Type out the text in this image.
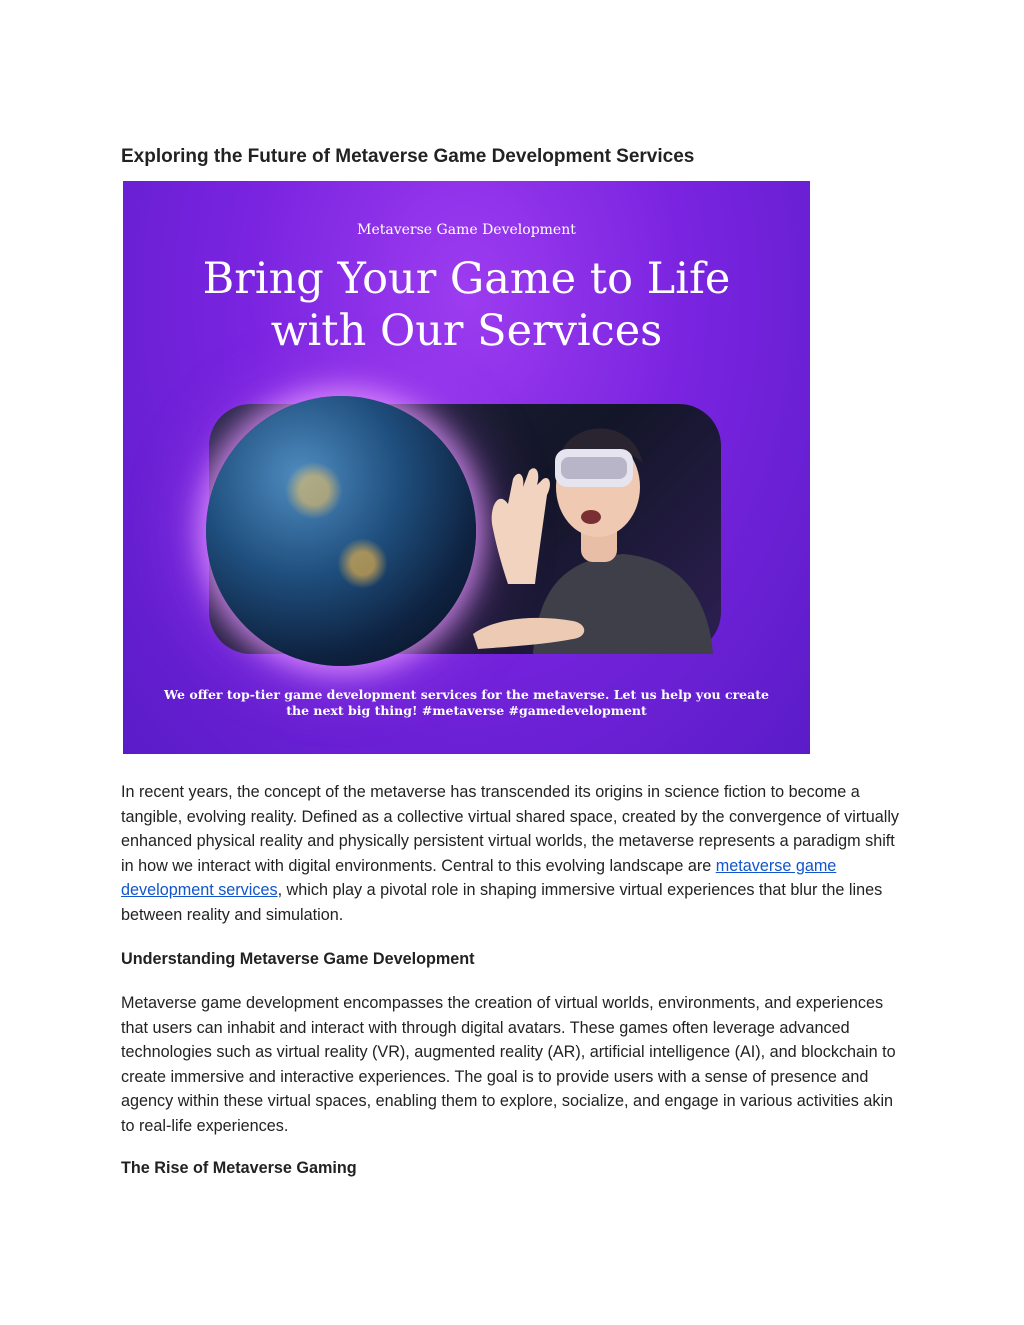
Exploring the Future of Metaverse Game Development Services
Metaverse Game Development
Bring Your Game to Life
with Our Services
We offer top-tier game development services for the metaverse. Let us help you create the next big thing! #metaverse #gamedevelopment

In recent years, the concept of the metaverse has transcended its origins in science fiction to become a tangible, evolving reality. Defined as a collective virtual shared space, created by the convergence of virtually enhanced physical reality and physically persistent virtual worlds, the metaverse represents a paradigm shift in how we interact with digital environments. Central to this evolving landscape are metaverse game development services, which play a pivotal role in shaping immersive virtual experiences that blur the lines between reality and simulation.

Understanding Metaverse Game Development

Metaverse game development encompasses the creation of virtual worlds, environments, and experiences that users can inhabit and interact with through digital avatars. These games often leverage advanced technologies such as virtual reality (VR), augmented reality (AR), artificial intelligence (AI), and blockchain to create immersive and interactive experiences. The goal is to provide users with a sense of presence and agency within these virtual spaces, enabling them to explore, socialize, and engage in various activities akin to real-life experiences.

The Rise of Metaverse Gaming
